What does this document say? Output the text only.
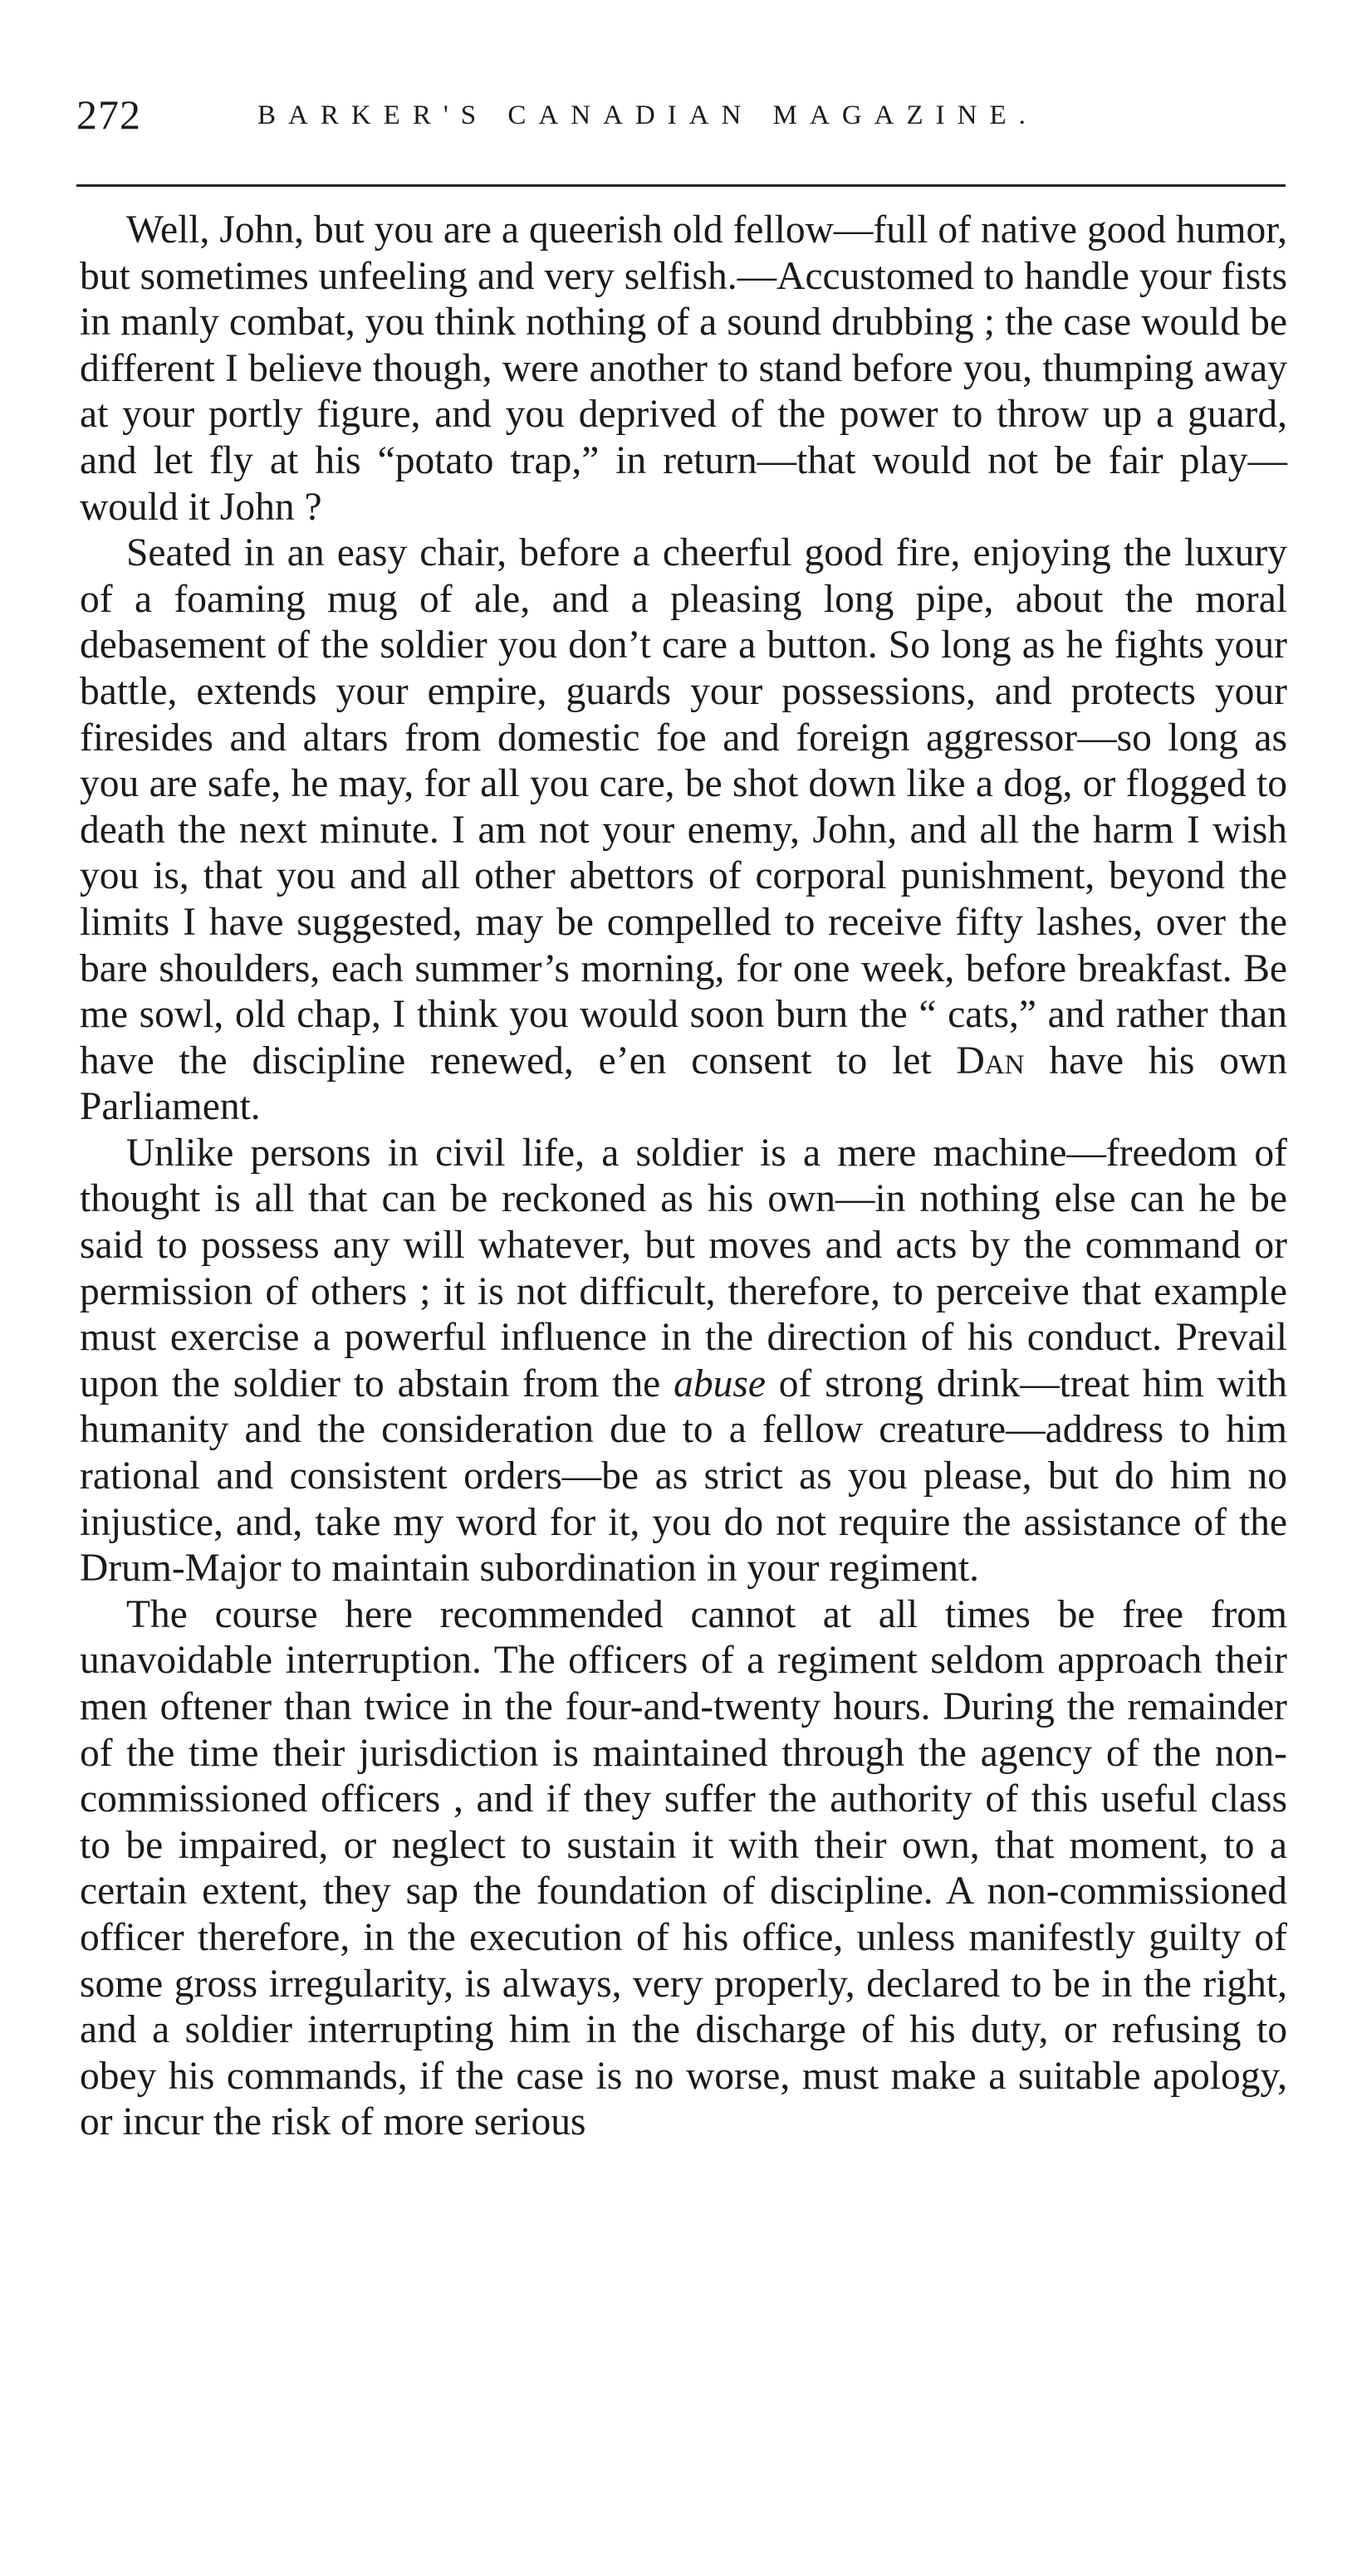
272	BARKER'S CANADIAN MAGAZINE.

Well, John, but you are a queerish old fellow—full of native good humor, but sometimes unfeeling and very selfish.—Accustomed to handle your fists in manly combat, you think nothing of a sound drubbing ; the case would be different I believe though, were another to stand before you, thumping away at your portly figure, and you deprived of the power to throw up a guard, and let fly at his “potato trap,” in return—that would not be fair play—would it John ?

Seated in an easy chair, before a cheerful good fire, enjoying the luxury of a foaming mug of ale, and a pleasing long pipe, about the moral debasement of the soldier you don’t care a button. So long as he fights your battle, extends your empire, guards your possessions, and protects your firesides and altars from domestic foe and foreign aggressor—so long as you are safe, he may, for all you care, be shot down like a dog, or flogged to death the next minute. I am not your enemy, John, and all the harm I wish you is, that you and all other abettors of corporal punishment, beyond the limits I have suggested, may be compelled to receive fifty lashes, over the bare shoulders, each summer’s morning, for one week, before breakfast. Be me sowl, old chap, I think you would soon burn the “ cats,” and rather than have the discipline renewed, e’en consent to let Dan have his own Parliament.

Unlike persons in civil life, a soldier is a mere machine—freedom of thought is all that can be reckoned as his own—in nothing else can he be said to possess any will whatever, but moves and acts by the command or permission of others ; it is not difficult, therefore, to perceive that example must exercise a powerful influence in the direction of his conduct. Prevail upon the soldier to abstain from the abuse of strong drink—treat him with humanity and the consideration due to a fellow creature—address to him rational and consistent orders—be as strict as you please, but do him no injustice, and, take my word for it, you do not require the assistance of the Drum-Major to maintain subordination in your regiment.

The course here recommended cannot at all times be free from unavoidable interruption. The officers of a regiment seldom approach their men oftener than twice in the four-and-twenty hours. During the remainder of the time their jurisdiction is maintained through the agency of the non-commissioned officers , and if they suffer the authority of this useful class to be impaired, or neglect to sustain it with their own, that moment, to a certain extent, they sap the foundation of discipline. A non-commissioned officer therefore, in the execution of his office, unless manifestly guilty of some gross irregularity, is always, very properly, declared to be in the right, and a soldier interrupting him in the discharge of his duty, or refusing to obey his commands, if the case is no worse, must make a suitable apology, or incur the risk of more serious
